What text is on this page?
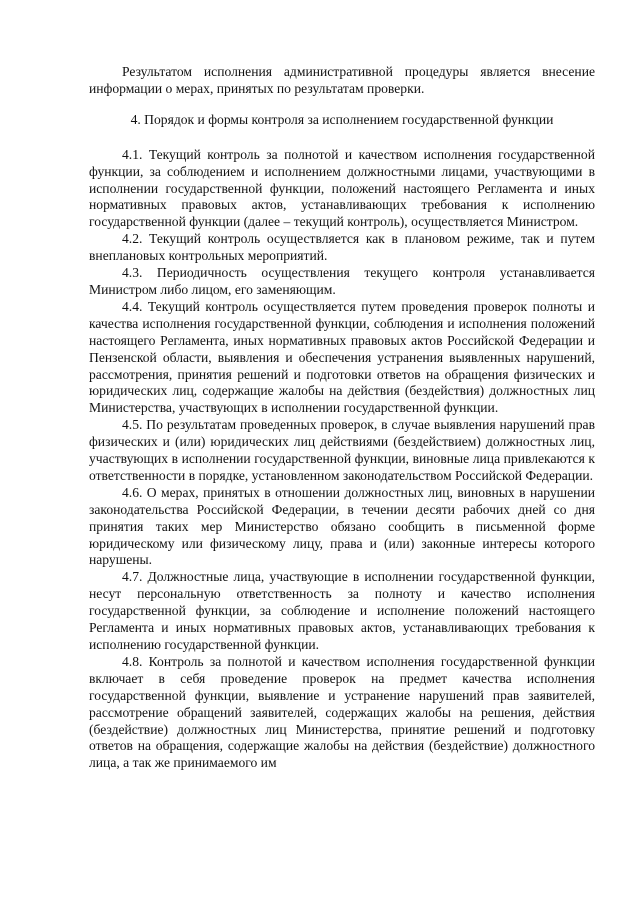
Результатом исполнения административной процедуры является внесение информации о мерах, принятых по результатам проверки.

4. Порядок и формы контроля за исполнением государственной функции

4.1. Текущий контроль за полнотой и качеством исполнения государственной функции, за соблюдением и исполнением должностными лицами, участвующими в исполнении государственной функции, положений настоящего Регламента и иных нормативных правовых актов, устанавливающих требования к исполнению государственной функции (далее – текущий контроль), осуществляется Министром.

4.2. Текущий контроль осуществляется как в плановом режиме, так и путем внеплановых контрольных мероприятий.

4.3. Периодичность осуществления текущего контроля устанавливается Министром либо лицом, его заменяющим.

4.4. Текущий контроль осуществляется путем проведения проверок полноты и качества исполнения государственной функции, соблюдения и исполнения положений настоящего Регламента, иных нормативных правовых актов Российской Федерации и Пензенской области, выявления и обеспечения устранения выявленных нарушений, рассмотрения, принятия решений и подготовки ответов на обращения физических и юридических лиц, содержащие жалобы на действия (бездействия) должностных лиц Министерства, участвующих в исполнении государственной функции.

4.5. По результатам проведенных проверок, в случае выявления нарушений прав физических и (или) юридических лиц действиями (бездействием) должностных лиц, участвующих в исполнении государственной функции, виновные лица привлекаются к ответственности в порядке, установленном законодательством Российской Федерации.

4.6. О мерах, принятых в отношении должностных лиц, виновных в нарушении законодательства Российской Федерации, в течении десяти рабочих дней со дня принятия таких мер Министерство обязано сообщить в письменной форме юридическому или физическому лицу, права и (или) законные интересы которого нарушены.

4.7. Должностные лица, участвующие в исполнении государственной функции, несут персональную ответственность за полноту и качество исполнения государственной функции, за соблюдение и исполнение положений настоящего Регламента и иных нормативных правовых актов, устанавливающих требования к исполнению государственной функции.

4.8. Контроль за полнотой и качеством исполнения государственной функции включает в себя проведение проверок на предмет качества исполнения государственной функции, выявление и устранение нарушений прав заявителей, рассмотрение обращений заявителей, содержащих жалобы на решения, действия (бездействие) должностных лиц Министерства, принятие решений и подготовку ответов на обращения, содержащие жалобы на действия (бездействие) должностного лица, а так же принимаемого им
